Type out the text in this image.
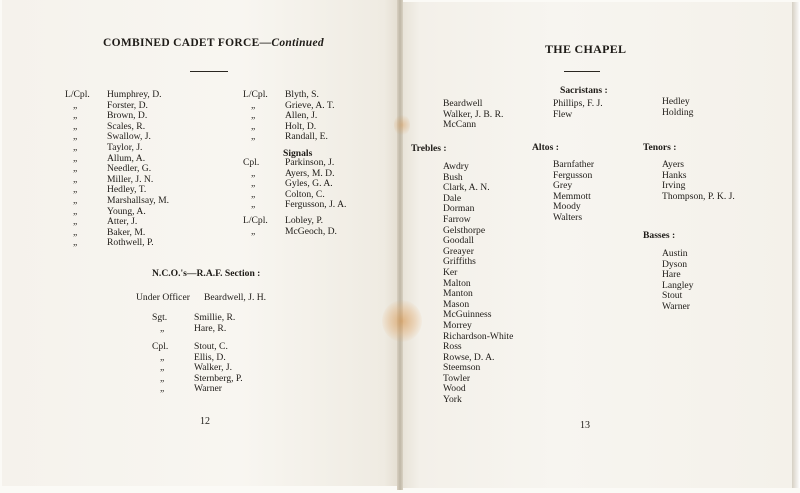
COMBINED CADET FORCE—Continued
L/Cpl. Humphrey, D.
„	Forster, D.
„	Brown, D.
„	Scales, R.
„	Swallow, J.
„	Taylor, J.
„	Allum, A.
„	Needler, G.
„	Miller, J. N.
„	Hedley, T.
„	Marshallsay, M.
„	Young, A.
„	Atter, J.
„	Baker, M.
„	Rothwell, P.
L/Cpl. Blyth, S.
„	Grieve, A. T.
„	Allen, J.
„	Holt, D.
„	Randall, E.
Signals
Cpl.	Parkinson, J.
„	Ayers, M. D.
„	Gyles, G. A.
„	Colton, C.
„	Fergusson, J. A.
L/Cpl. Lobley, P.
„	McGeoch, D.
N.C.O.'s—R.A.F. Section :
Under Officer Beardwell, J. H.
Sgt.	Smillie, R.
„	Hare, R.
Cpl.	Stout, C.
„	Ellis, D.
„	Walker, J.
„	Sternberg, P.
„	Warner
12
THE CHAPEL
Sacristans :
Beardwell
Walker, J. B. R.
McCann
Phillips, F. J.
Flew
Hedley
Holding
Trebles :
Awdry
Bush
Clark, A. N.
Dale
Dorman
Farrow
Gelsthorpe
Goodall
Greayer
Griffiths
Ker
Malton
Manton
Mason
McGuinness
Morrey
Richardson-White
Ross
Rowse, D. A.
Steemson
Towler
Wood
York
Altos :
Barnfather
Fergusson
Grey
Memmott
Moody
Walters
Tenors :
Ayers
Hanks
Irving
Thompson, P. K. J.
Basses :
Austin
Dyson
Hare
Langley
Stout
Warner
13
